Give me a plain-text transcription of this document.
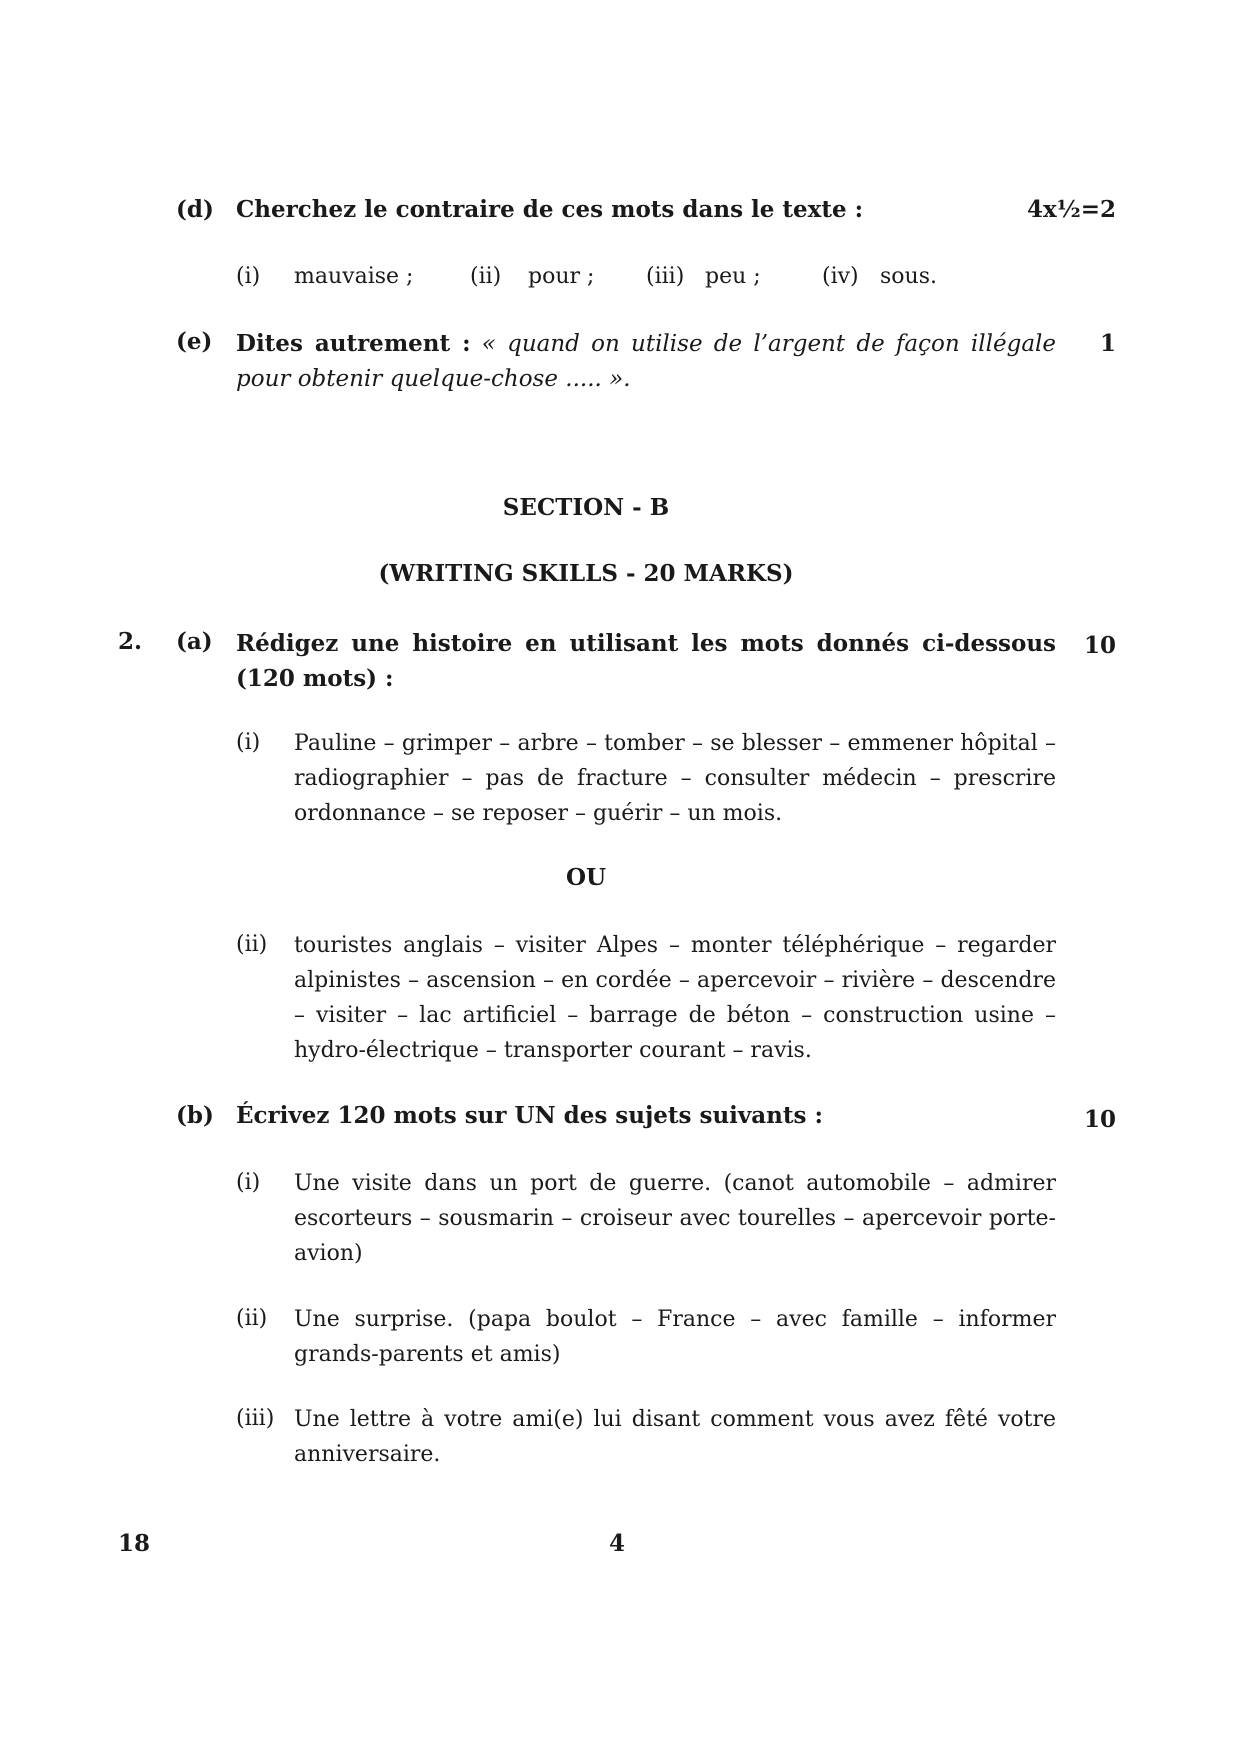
(d) Cherchez le contraire de ces mots dans le texte :	4x½=2
(i) mauvaise ;	(ii) pour ; (iii) peu ;	(iv) sous.
(e) Dites autrement : « quand on utilise de l’argent de façon illégale pour obtenir quelque-chose ..... ».
1
SECTION - B
(WRITING SKILLS - 20 MARKS)
2. (a) Rédigez une histoire en utilisant les mots donnés ci-dessous (120 mots) :
10
(i) Pauline – grimper – arbre – tomber – se blesser – emmener hôpital – radiographier – pas de fracture – consulter médecin – prescrire ordonnance – se reposer – guérir – un mois.
OU
(ii) touristes anglais – visiter Alpes – monter téléphérique – regarder alpinistes – ascension – en cordée – apercevoir – rivière – descendre – visiter – lac artificiel – barrage de béton – construction usine – hydro-électrique – transporter courant – ravis.
(b) Écrivez 120 mots sur UN des sujets suivants :	10
(i) Une visite dans un port de guerre. (canot automobile – admirer escorteurs – sousmarin – croiseur avec tourelles – apercevoir porte-avion)
(ii) Une surprise. (papa boulot – France – avec famille – informer grands-parents et amis)
(iii) Une lettre à votre ami(e) lui disant comment vous avez fêté votre anniversaire.
18	4
